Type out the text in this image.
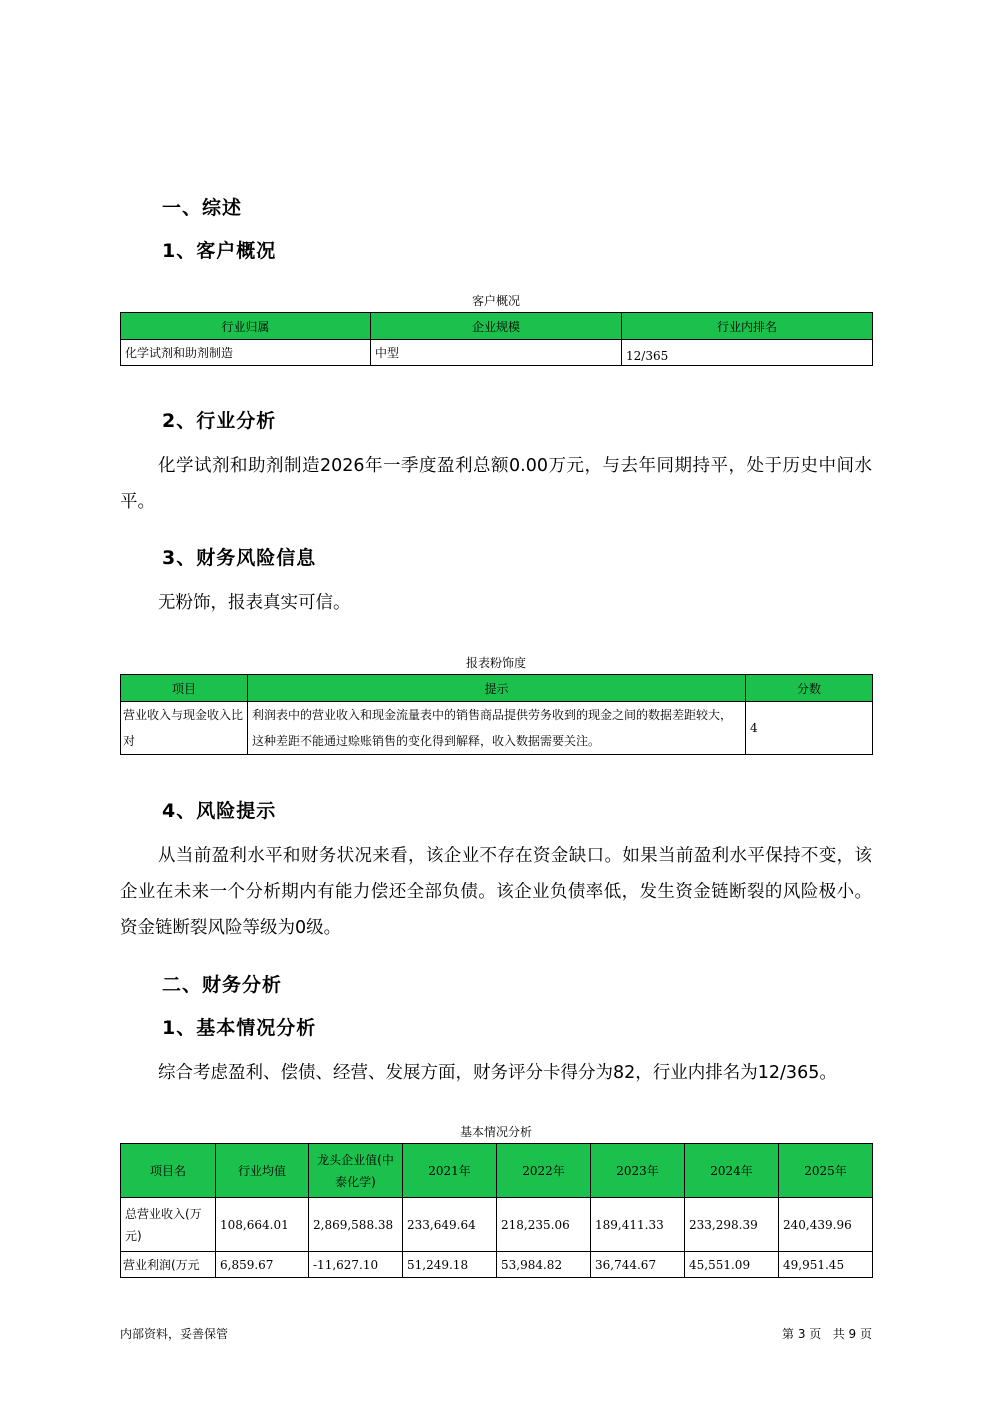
一、综述
1、客户概况
客户概况
行业归属	企业规模	行业内排名
化学试剂和助剂制造	中型	12/365
2、行业分析
化学试剂和助剂制造2026年一季度盈利总额0.00万元，与去年同期持平，处于历史中间水平。
3、财务风险信息
无粉饰，报表真实可信。
报表粉饰度
项目	提示	分数
营业收入与现金收入比对	利润表中的营业收入和现金流量表中的销售商品提供劳务收到的现金之间的数据差距较大，这种差距不能通过赊账销售的变化得到解释，收入数据需要关注。	4
4、风险提示
从当前盈利水平和财务状况来看，该企业不存在资金缺口。如果当前盈利水平保持不变，该企业在未来一个分析期内有能力偿还全部负债。该企业负债率低，发生资金链断裂的风险极小。资金链断裂风险等级为0级。
二、财务分析
1、基本情况分析
综合考虑盈利、偿债、经营、发展方面，财务评分卡得分为82，行业内排名为12/365。
基本情况分析
项目名	行业均值	龙头企业值(中泰化学)	2021年	2022年	2023年	2024年	2025年
总营业收入(万元)	108,664.01	2,869,588.38	233,649.64	218,235.06	189,411.33	233,298.39	240,439.96
营业利润(万元	6,859.67	-11,627.10	51,249.18	53,984.82	36,744.67	45,551.09	49,951.45
内部资料，妥善保管	第 3 页   共 9 页
